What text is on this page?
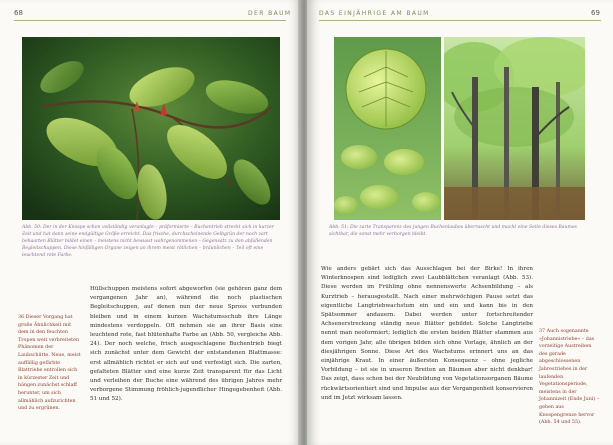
68	DER BAUM

Abb. 50: Der in der Knospe schon vollständig veranlagte – präformierte – Buchentrieb streckt sich in kurzer Zeit und hat dann seine endgültige Größe erreicht. Das frische, durchscheinende Gelbgrün der noch zart behaarten Blätter bildet einen – meistens nicht bewusst wahrgenommenen – Gegensatz zu den abfallenden Begleitschuppen. Diese hinfälligen Organe zeigen an ihrem meist rötlichen – bräunlichen – Teil oft eine leuchtend rote Farbe.

36 Dieser Vorgang hat große Ähnlichkeit mit dem in den feuchten Tropen weit verbreiteten Phänomen der Laubschütte. Neue, meist auffällig gefärbte Blattriebe entrollen sich in kürzester Zeit und hängen zunächst schlaff herunter, um sich allmählich aufzurichten und zu ergrünen.

Hüllschuppen meistens sofort abgeworfen (sie gehören ganz dem vergangenen Jahr an), während die noch plastischen Begleitschuppen, auf denen nun der neue Spross verbunden bleiben und in einem kurzen Wachstumsschub ihre Länge mindestens verdoppeln. Oft nehmen sie an ihrer Basis eine leuchtend rote, fast blütenhafte Farbe an (Abb. 50, vergleiche Abb. 24). Der noch welche, frisch ausgeschlagene Buchentrieb biegt sich zunächst unter dem Gewicht der entstandenen Blattmasse: erst allmählich richtet er sich auf und verfestigt sich. Die zarten, gefalteten Blätter sind eine kurze Zeit transparent für das Licht und verleihen der Buche eine während des übrigen Jahres mehr verborgene Stimmung fröhlich-jugendlicher Hingegebenheit (Abb. 51 und 52).

DAS EINJÄHRIGE AM BAUM	69

Abb. 51: Die zarte Transparenz des jungen Buchenlaubes überrascht und macht eine Seite dieses Baumes sichtbar, die sonst mehr verborgen bleibt.

Wie anders gebärt sich das Ausschlagen bei der Birke! In ihren Winterknospen sind lediglich zwei Laubblättchen veranlagt (Abb. 53). Diese werden im Frühling ohne nennenswerte Achsenbildung – als Kurztrieb – herausgestellt. Nach einer mehrwöchigen Pause setzt das eigentliche Langtriebwachstum ein und ein und kann bis in den Spätsommer andauern. Dabei werden unter fortschreitender Achsenerstreckung ständig neue Blätter gebildet. Solche Langtriebe nennt man neoformiert; lediglich die ersten beiden Blätter stammen aus dem vorigen Jahr, alle übrigen bilden sich ohne Vorlage, ähnlich an der diesjährigen Sonne. Diese Art des Wachstums erinnert uns an das einjährige Kraut. In einer äußersten Konsequenz – ohne jegliche Vorbildung – ist sie in unseren Breiten an Bäumen aber nicht denkbar! Das zeigt, dass schon bei der Neubildung von Vegetationsorganen Bäume rückwärtsorientiert sind und Impulse aus der Vergangenheit konservieren und im Jetzt wirksam lassen.

37 Auch sogenannte »Johannistriebe« – das vorzeitige Austreiben des gerade abgeschlossenen Jahrestriebes in der laufenden Vegetationsperiode, meistens in der Johannizeit (Ende Juni) – gehen aus Knospengrenze hervor (Abb. 54 und 55).
